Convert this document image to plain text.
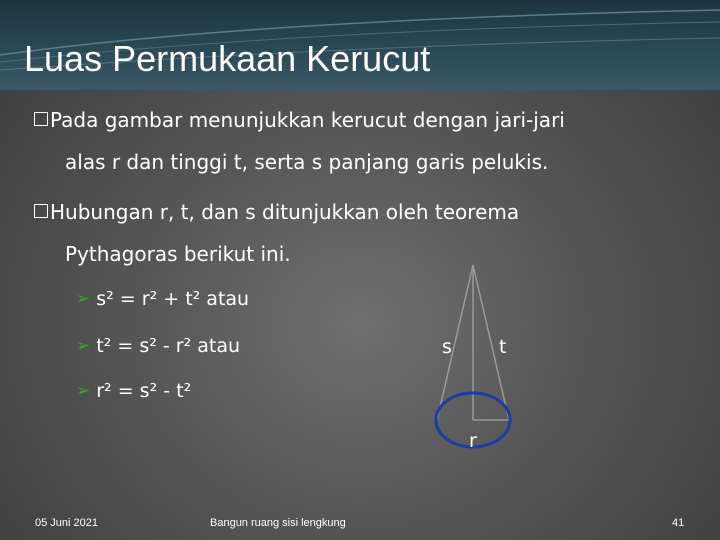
Luas Permukaan Kerucut
Pada gambar menunjukkan kerucut dengan jari-jari
alas r dan tinggi t, serta s panjang garis pelukis.
Hubungan r, t, dan s ditunjukkan oleh teorema
Pythagoras berikut ini.
➢ s² = r² + t² atau
➢ t² = s² - r² atau
➢ r² = s² - t²
s t
r
05 Juni 2021	Bangun ruang sisi lengkung	41
